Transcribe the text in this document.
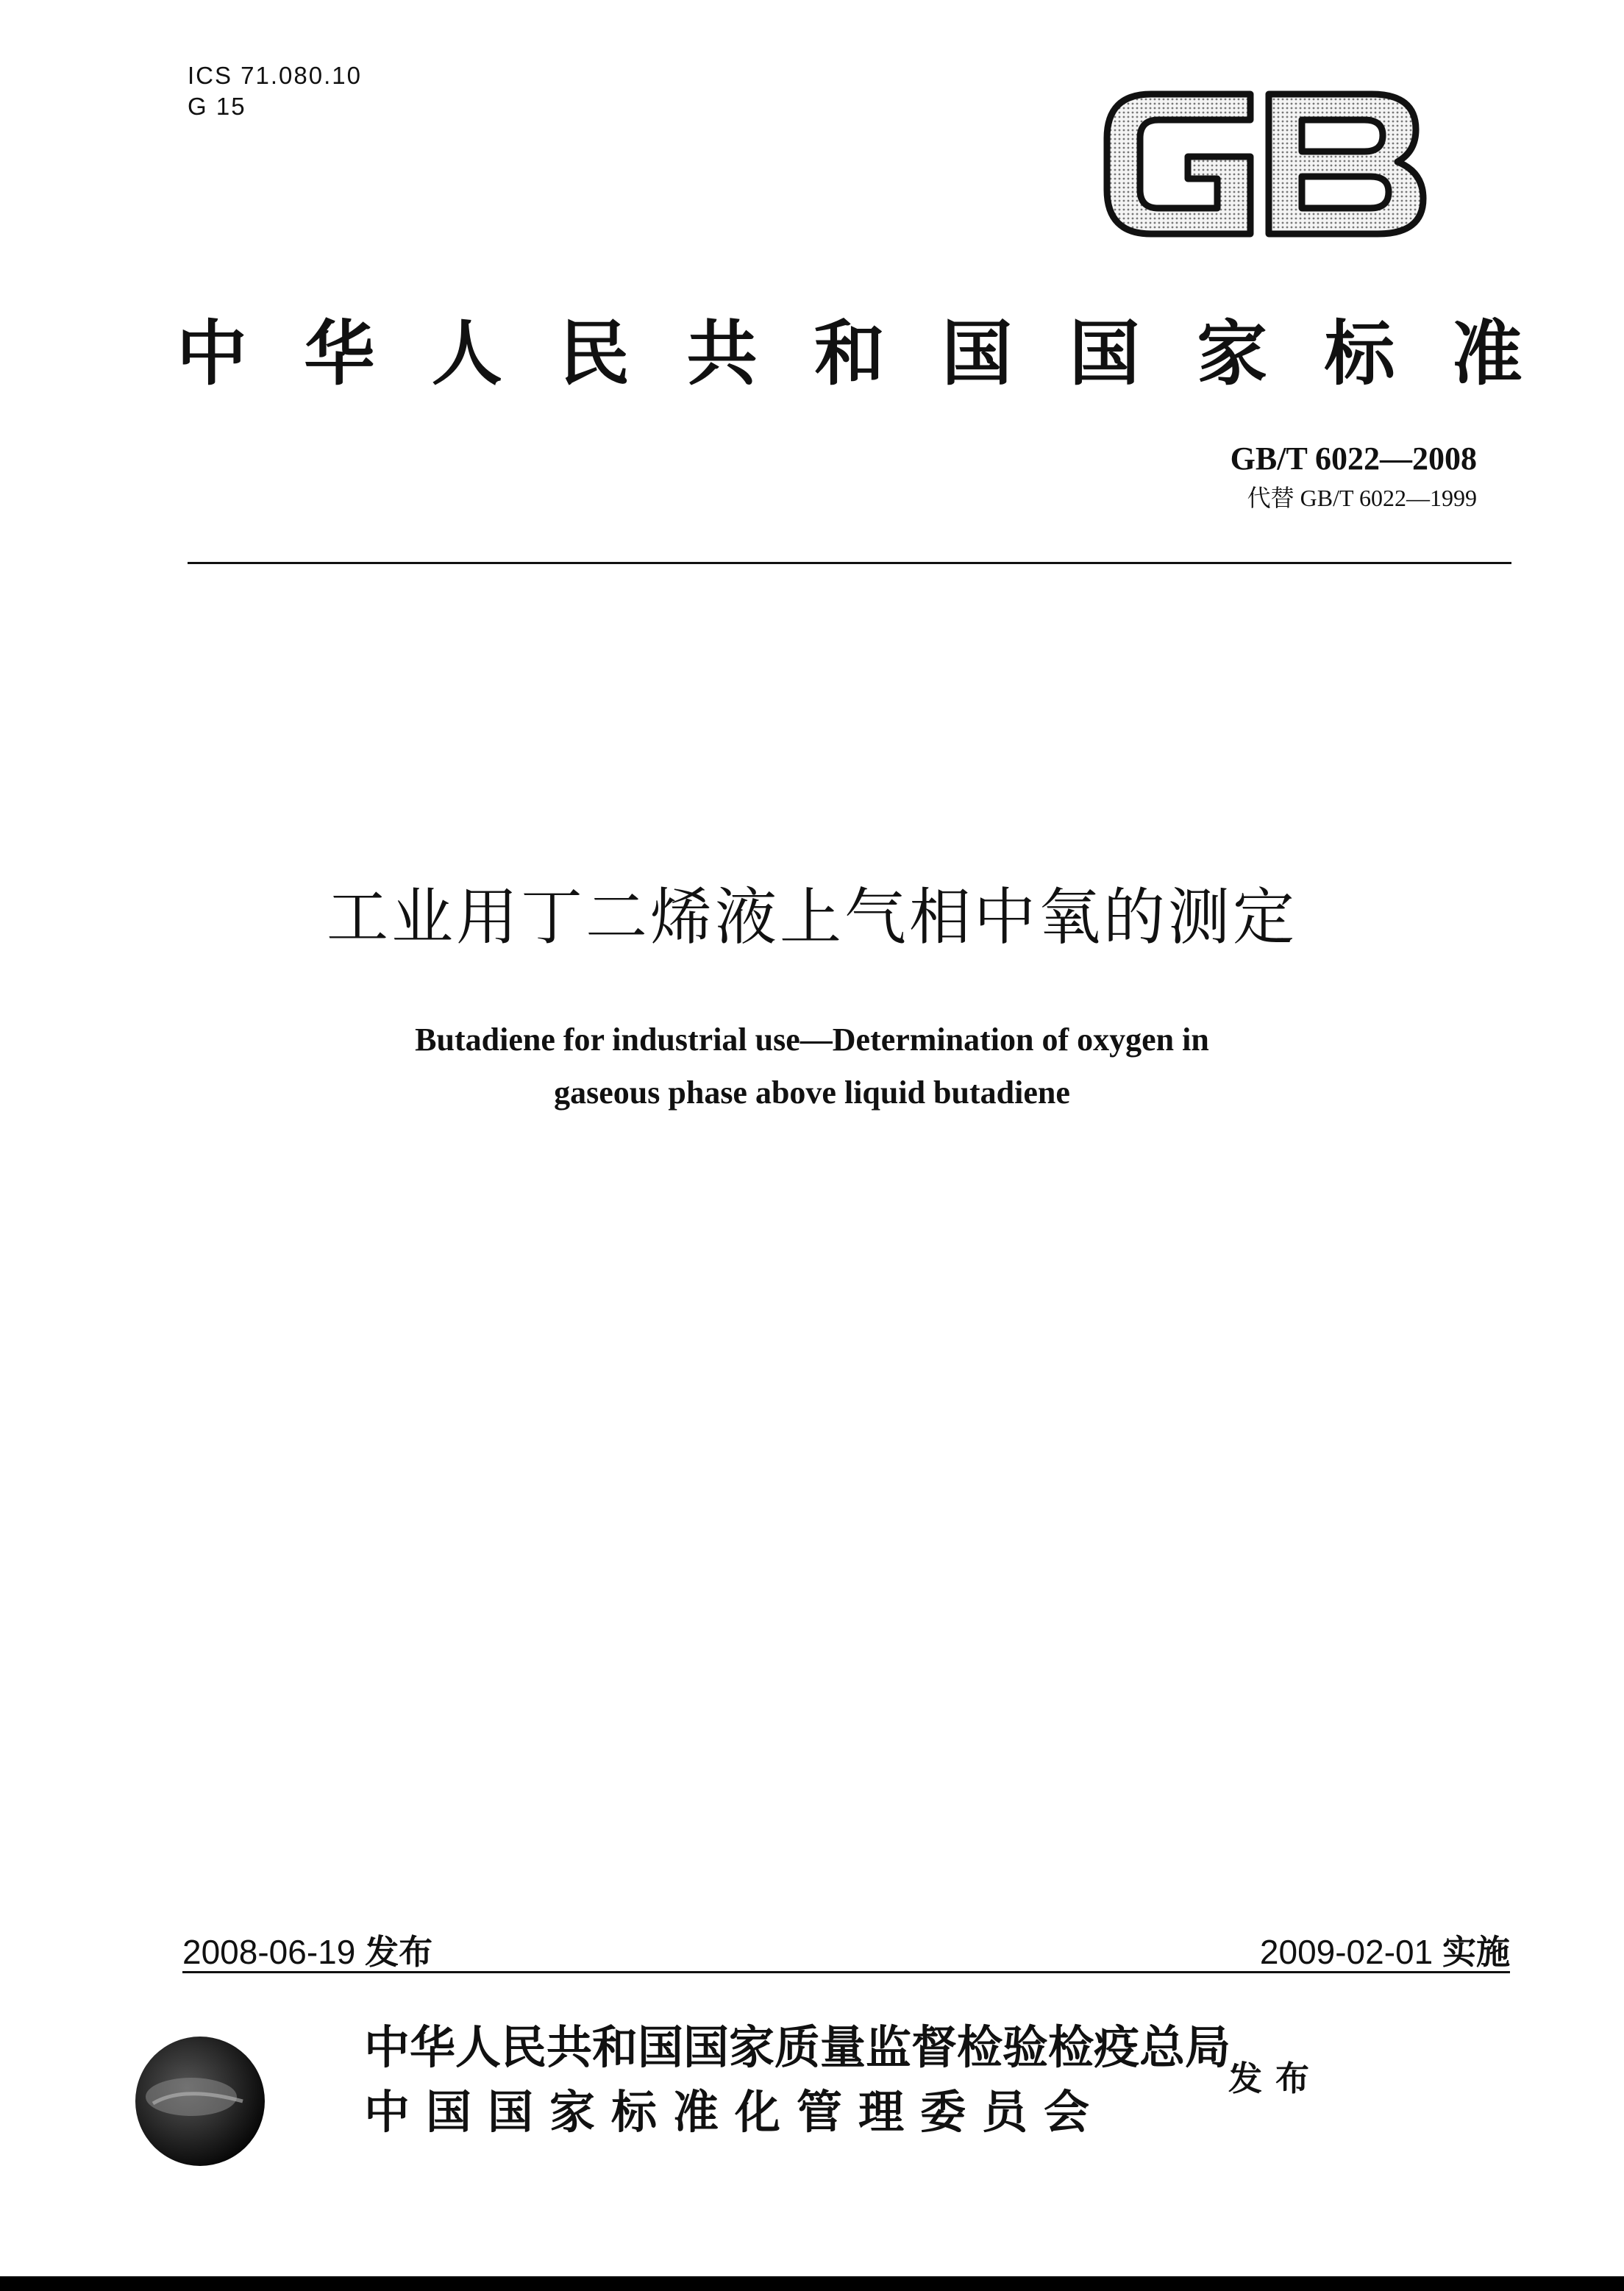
ICS 71.080.10
G 15
中 华 人 民 共 和 国 国 家 标 准
GB/T 6022—2008
代替 GB/T 6022—1999
工业用丁二烯液上气相中氧的测定
Butadiene for industrial use—Determination of oxygen in
gaseous phase above liquid butadiene
2008-06-19 发布	2009-02-01 实施
中华人民共和国国家质量监督检验检疫总局
中国国家标准化管理委员会
发布
